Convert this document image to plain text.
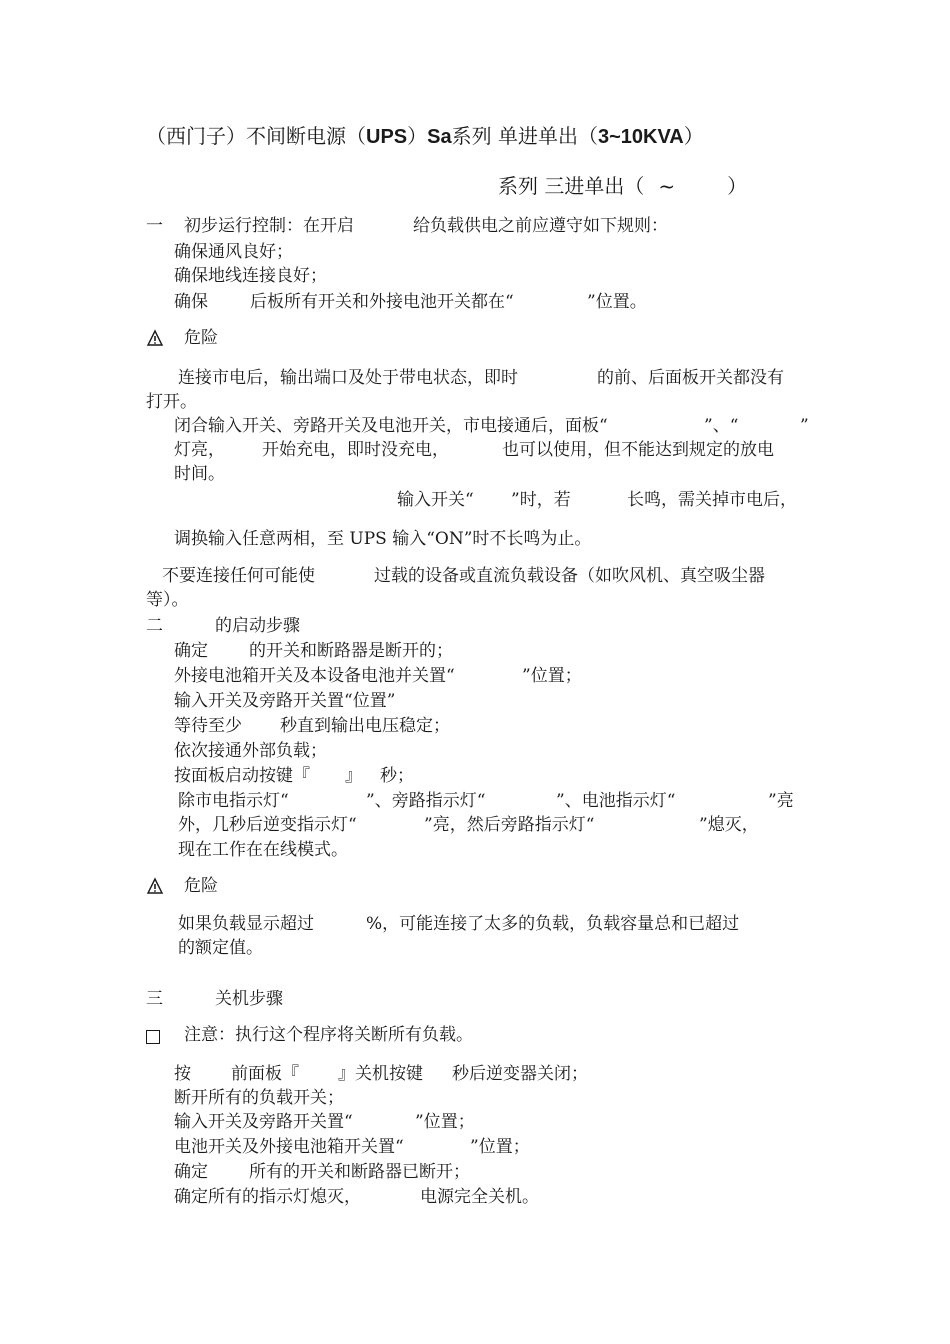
（西门子）不间断电源（UPS）Sa系列 单进单出（3~10KVA）
系列 三进单出（ ~	）
一 初步运行控制：在开启	给负载供电之前应遵守如下规则：
确保通风良好；
确保地线连接良好；
确保 后板所有开关和外接电池开关都在“	”位置。
危险
连接市电后，输出端口及处于带电状态，即时	的前、后面板开关都没有
打开。
闭合输入开关、旁路开关及电池开关，市电接通后，面板“	”、“	”
灯亮， 开始充电，即时没充电，	也可以使用，但不能达到规定的放电
时间。
输入开关“ ”时，若	长鸣，需关掉市电后，
调换输入任意两相，至 UPS 输入“ON”时不长鸣为止。
不要连接任何可能使	过载的设备或直流负载设备（如吹风机、真空吸尘器
等）。
二	的启动步骤
确定 的开关和断路器是断开的；
外接电池箱开关及本设备电池并关置“	”位置；
输入开关及旁路开关置“位置”
等待至少 秒直到输出电压稳定；
依次接通外部负载；
按面板启动按键『 』 秒；
除市电指示灯“	”、旁路指示灯“	”、电池指示灯“	”亮
外，几秒后逆变指示灯“	”亮，然后旁路指示灯“	”熄灭，
现在工作在在线模式。
危险
如果负载显示超过	%，可能连接了太多的负载，负载容量总和已超过
的额定值。
三	关机步骤
注意：执行这个程序将关断所有负载。
按 前面板『 』关机按键 秒后逆变器关闭；
断开所有的负载开关；
输入开关及旁路开关置“	”位置；
电池开关及外接电池箱开关置“	”位置；
确定 所有的开关和断路器已断开；
确定所有的指示灯熄灭，	电源完全关机。
